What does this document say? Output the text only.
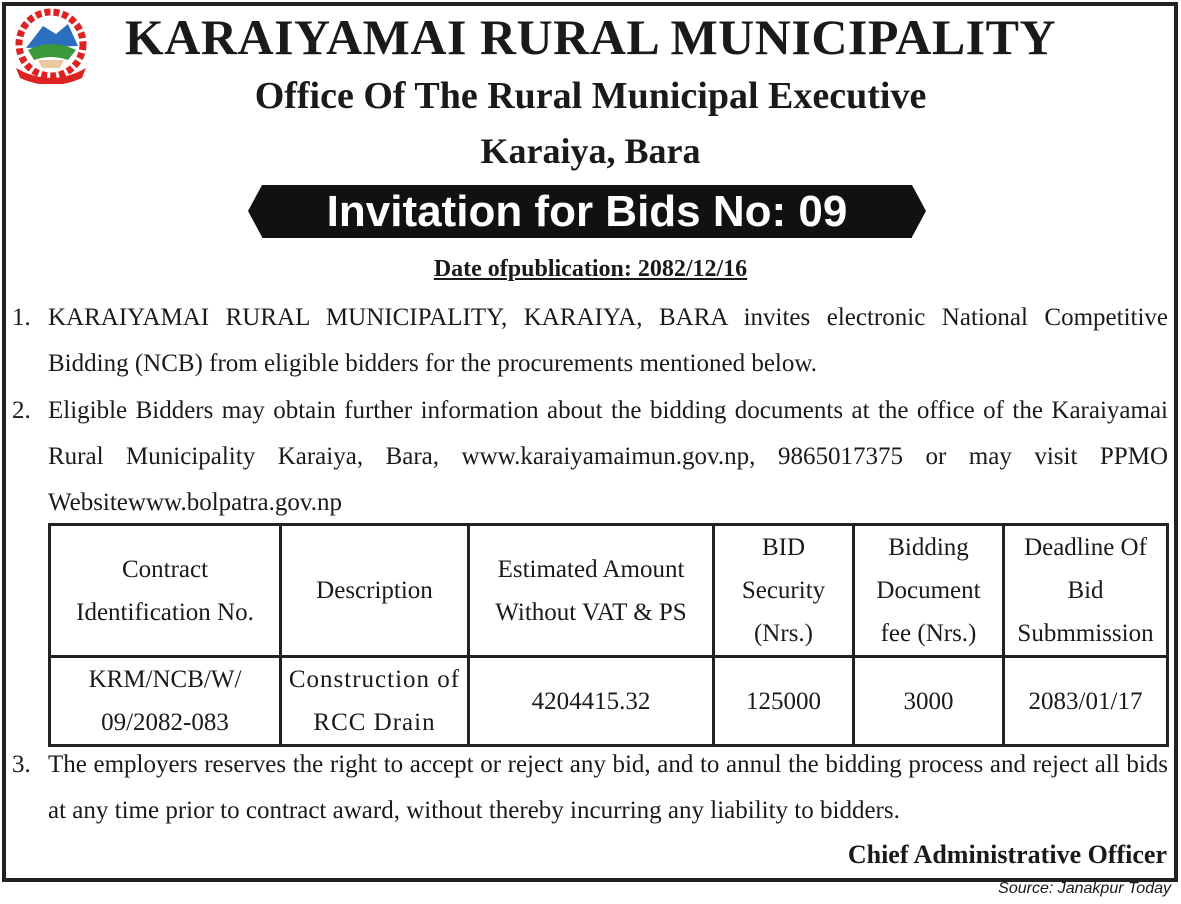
KARAIYAMAI RURAL MUNICIPALITY
Office Of The Rural Municipal Executive
Karaiya, Bara
Invitation for Bids No: 09
Date ofpublication: 2082/12/16
1. KARAIYAMAI RURAL MUNICIPALITY, KARAIYA, BARA invites electronic National Competitive Bidding (NCB) from eligible bidders for the procurements mentioned below.
2. Eligible Bidders may obtain further information about the bidding documents at the office of the Karaiyamai Rural Municipality Karaiya, Bara, www.karaiyamaimun.gov.np, 9865017375 or may visit PPMO Websitewww.bolpatra.gov.np
Contract Identification No.	Description	Estimated Amount Without VAT & PS	BID Security (Nrs.)	Bidding Document fee (Nrs.)	Deadline Of Bid Submmission
KRM/NCB/W/ 09/2082-083	Construction of RCC Drain	4204415.32	125000	3000	2083/01/17
3. The employers reserves the right to accept or reject any bid, and to annul the bidding process and reject all bids at any time prior to contract award, without thereby incurring any liability to bidders.
Chief Administrative Officer
Source: Janakpur Today
